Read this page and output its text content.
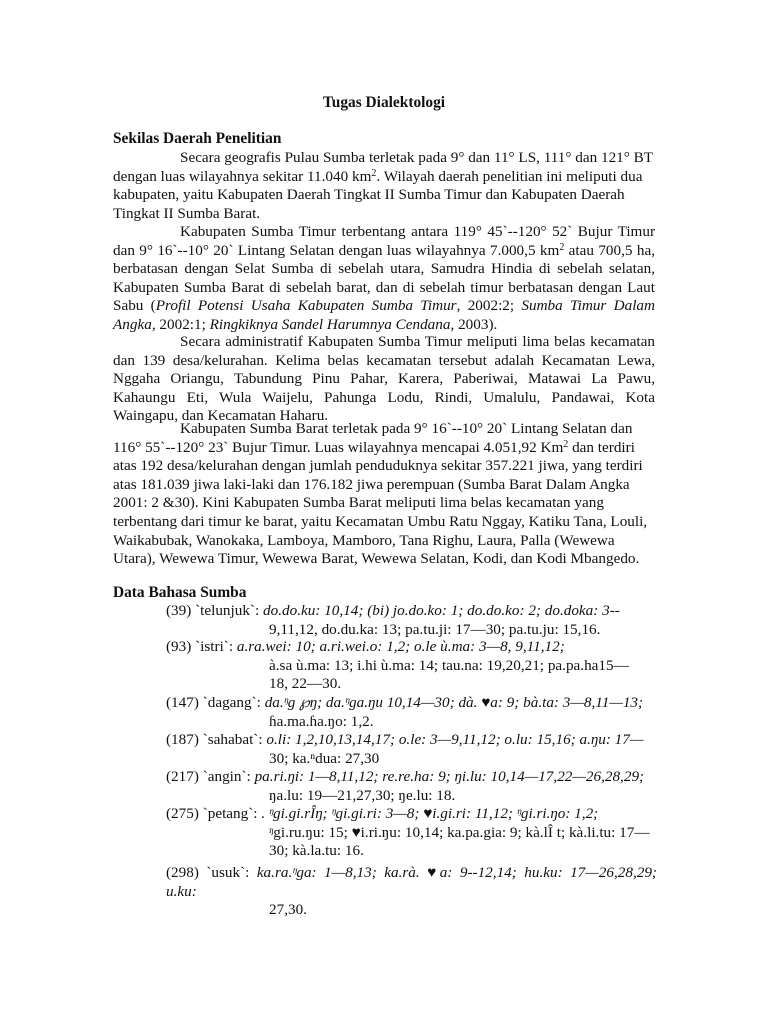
Tugas Dialektologi
Sekilas Daerah Penelitian
Secara geografis Pulau Sumba terletak pada 9° dan 11° LS, 111° dan 121° BT
dengan luas wilayahnya sekitar 11.040 $km^2$. Wilayah daerah penelitian ini meliputi dua
kabupaten, yaitu Kabupaten Daerah Tingkat II Sumba Timur dan Kabupaten Daerah
Tingkat II Sumba Barat.
Kabupaten Sumba Timur terbentang antara 119° 45`--120° 52` Bujur Timur dan 9° 16`--10° 20` Lintang Selatan dengan luas wilayahnya 7.000,5 $km^2$ atau 700,5 ha, berbatasan dengan Selat Sumba di sebelah utara, Samudra Hindia di sebelah selatan, Kabupaten Sumba Barat di sebelah barat, dan di sebelah timur berbatasan dengan Laut Sabu (Profil Potensi Usaha Kabupaten Sumba Timur, 2002:2; Sumba Timur Dalam Angka, 2002:1; Ringkiknya Sandel Harumnya Cendana, 2003).
Secara administratif Kabupaten Sumba Timur meliputi lima belas kecamatan dan 139 desa/kelurahan. Kelima belas kecamatan tersebut adalah Kecamatan Lewa, Nggaha Oriangu, Tabundung Pinu Pahar, Karera, Paberiwai, Matawai La Pawu, Kahaungu Eti, Wula Waijelu, Pahunga Lodu, Rindi, Umalulu, Pandawai, Kota Waingapu, dan Kecamatan Haharu.
Kabupaten Sumba Barat terletak pada 9° 16`--10° 20` Lintang Selatan dan
116° 55`--120° 23` Bujur Timur. Luas wilayahnya mencapai 4.051,92 Km$^2$ dan terdiri
atas 192 desa/kelurahan dengan jumlah penduduknya sekitar 357.221 jiwa, yang terdiri
atas 181.039 jiwa laki-laki dan 176.182 jiwa perempuan (Sumba Barat Dalam Angka
2001: 2 &30). Kini Kabupaten Sumba Barat meliputi lima belas kecamatan yang
terbentang dari timur ke barat, yaitu Kecamatan Umbu Ratu Nggay, Katiku Tana, Louli,
Waikabubak, Wanokaka, Lamboya, Mamboro, Tana Righu, Laura, Palla (Wewewa
Utara), Wewewa Timur, Wewewa Barat, Wewewa Selatan, Kodi, dan Kodi Mbangedo.
Data Bahasa Sumba
(39) `telunjuk`: do.do.ku: 10,14; (bi) jo.do.ko: 1; do.do.ko: 2; do.doka: 3--
9,11,12, do.du.ka: 13; pa.tu.ji: 17—30; pa.tu.ju: 15,16.
(93) `istri`: a.ra.wei: 10; a.ri.wei.o: 1,2; o.le ù.ma: 3—8, 9,11,12;
à.sa ù.ma: 13; i.hi ù.ma: 14; tau.na: 19,20,21; pa.pa.ha15—
18, 22—30.
(147) `dagang`: da.ᵑg ℘ŋ; da.ᵑga.ŋu 10,14—30; dà. ♥a: 9; bà.ta: 3—8,11—13;
ɦa.ma.ɦa.ŋo: 1,2.
(187) `sahabat`: o.li: 1,2,10,13,14,17; o.le: 3—9,11,12; o.lu: 15,16; a.ŋu: 17—
30; ka.ⁿdua: 27,30
(217) `angin`: pa.ri.ŋi: 1—8,11,12; re.re.ha: 9; ŋi.lu: 10,14—17,22—26,28,29;
ŋa.lu: 19—21,27,30; ŋe.lu: 18.
(275) `petang`: . ᵑgi.gi.rÎŋ; ᵑgi.gi.ri: 3—8; ♥i.gi.ri: 11,12; ᵑgi.ri.ŋo: 1,2;
ᵑgi.ru.ŋu: 15; ♥i.ri.ŋu: 10,14; ka.pa.gia: 9; kà.lÎ t; kà.li.tu: 17—
30; kà.la.tu: 16.
(298) `usuk`: ka.ra.ᵑga: 1—8,13; ka.rà. ♥a: 9--12,14; hu.ku: 17—26,28,29; u.ku:
27,30.
